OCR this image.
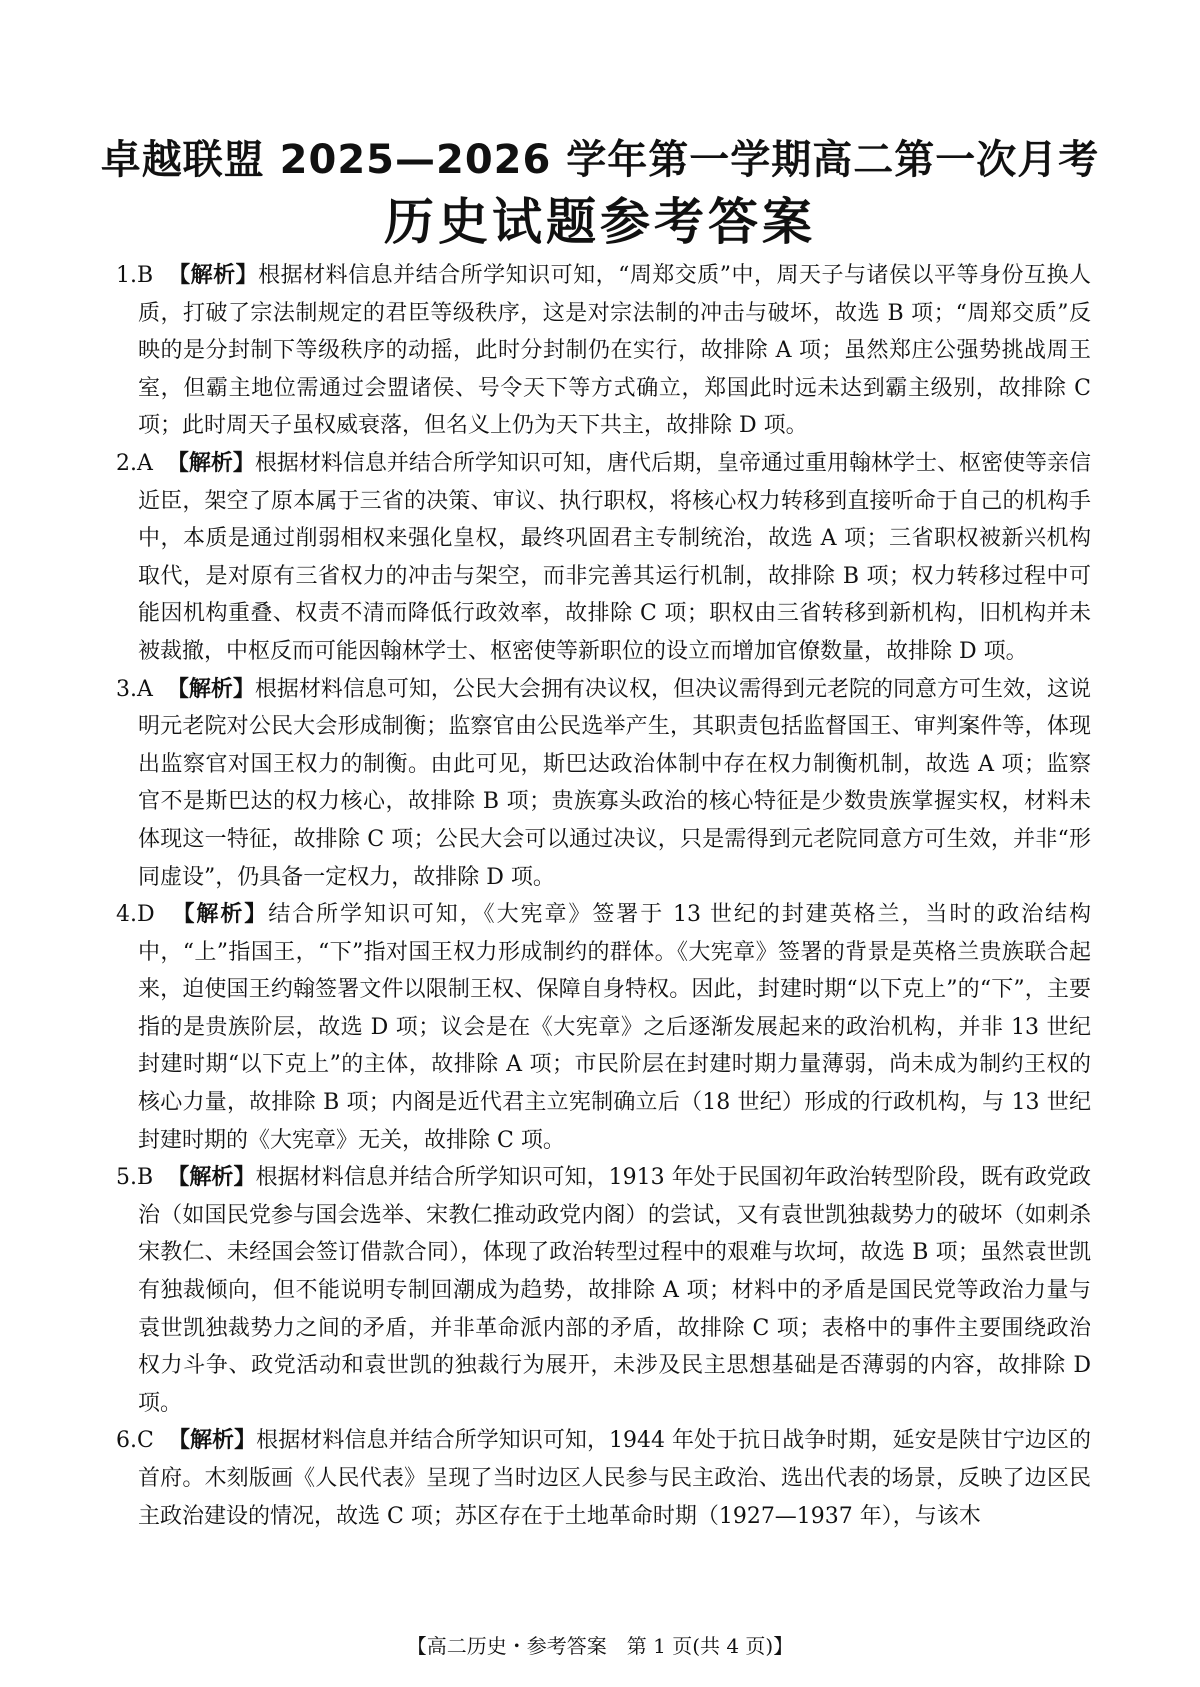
卓越联盟 2025—2026 学年第一学期高二第一次月考
历史试题参考答案

1.B 【解析】根据材料信息并结合所学知识可知，“周郑交质”中，周天子与诸侯以平等身份互换人质，打破了宗法制规定的君臣等级秩序，这是对宗法制的冲击与破坏，故选 B 项；“周郑交质”反映的是分封制下等级秩序的动摇，此时分封制仍在实行，故排除 A 项；虽然郑庄公强势挑战周王室，但霸主地位需通过会盟诸侯、号令天下等方式确立，郑国此时远未达到霸主级别，故排除 C 项；此时周天子虽权威衰落，但名义上仍为天下共主，故排除 D 项。

2.A 【解析】根据材料信息并结合所学知识可知，唐代后期，皇帝通过重用翰林学士、枢密使等亲信近臣，架空了原本属于三省的决策、审议、执行职权，将核心权力转移到直接听命于自己的机构手中，本质是通过削弱相权来强化皇权，最终巩固君主专制统治，故选 A 项；三省职权被新兴机构取代，是对原有三省权力的冲击与架空，而非完善其运行机制，故排除 B 项；权力转移过程中可能因机构重叠、权责不清而降低行政效率，故排除 C 项；职权由三省转移到新机构，旧机构并未被裁撤，中枢反而可能因翰林学士、枢密使等新职位的设立而增加官僚数量，故排除 D 项。

3.A 【解析】根据材料信息可知，公民大会拥有决议权，但决议需得到元老院的同意方可生效，这说明元老院对公民大会形成制衡；监察官由公民选举产生，其职责包括监督国王、审判案件等，体现出监察官对国王权力的制衡。由此可见，斯巴达政治体制中存在权力制衡机制，故选 A 项；监察官不是斯巴达的权力核心，故排除 B 项；贵族寡头政治的核心特征是少数贵族掌握实权，材料未体现这一特征，故排除 C 项；公民大会可以通过决议，只是需得到元老院同意方可生效，并非“形同虚设”，仍具备一定权力，故排除 D 项。

4.D 【解析】结合所学知识可知，《大宪章》签署于 13 世纪的封建英格兰，当时的政治结构中，“上”指国王，“下”指对国王权力形成制约的群体。《大宪章》签署的背景是英格兰贵族联合起来，迫使国王约翰签署文件以限制王权、保障自身特权。因此，封建时期“以下克上”的“下”，主要指的是贵族阶层，故选 D 项；议会是在《大宪章》之后逐渐发展起来的政治机构，并非 13 世纪封建时期“以下克上”的主体，故排除 A 项；市民阶层在封建时期力量薄弱，尚未成为制约王权的核心力量，故排除 B 项；内阁是近代君主立宪制确立后（18 世纪）形成的行政机构，与 13 世纪封建时期的《大宪章》无关，故排除 C 项。

5.B 【解析】根据材料信息并结合所学知识可知，1913 年处于民国初年政治转型阶段，既有政党政治（如国民党参与国会选举、宋教仁推动政党内阁）的尝试，又有袁世凯独裁势力的破坏（如刺杀宋教仁、未经国会签订借款合同），体现了政治转型过程中的艰难与坎坷，故选 B 项；虽然袁世凯有独裁倾向，但不能说明专制回潮成为趋势，故排除 A 项；材料中的矛盾是国民党等政治力量与袁世凯独裁势力之间的矛盾，并非革命派内部的矛盾，故排除 C 项；表格中的事件主要围绕政治权力斗争、政党活动和袁世凯的独裁行为展开，未涉及民主思想基础是否薄弱的内容，故排除 D 项。

6.C 【解析】根据材料信息并结合所学知识可知，1944 年处于抗日战争时期，延安是陕甘宁边区的首府。木刻版画《人民代表》呈现了当时边区人民参与民主政治、选出代表的场景，反映了边区民主政治建设的情况，故选 C 项；苏区存在于土地革命时期（1927—1937 年），与该木

【高二历史・参考答案　第 1 页(共 4 页)】
